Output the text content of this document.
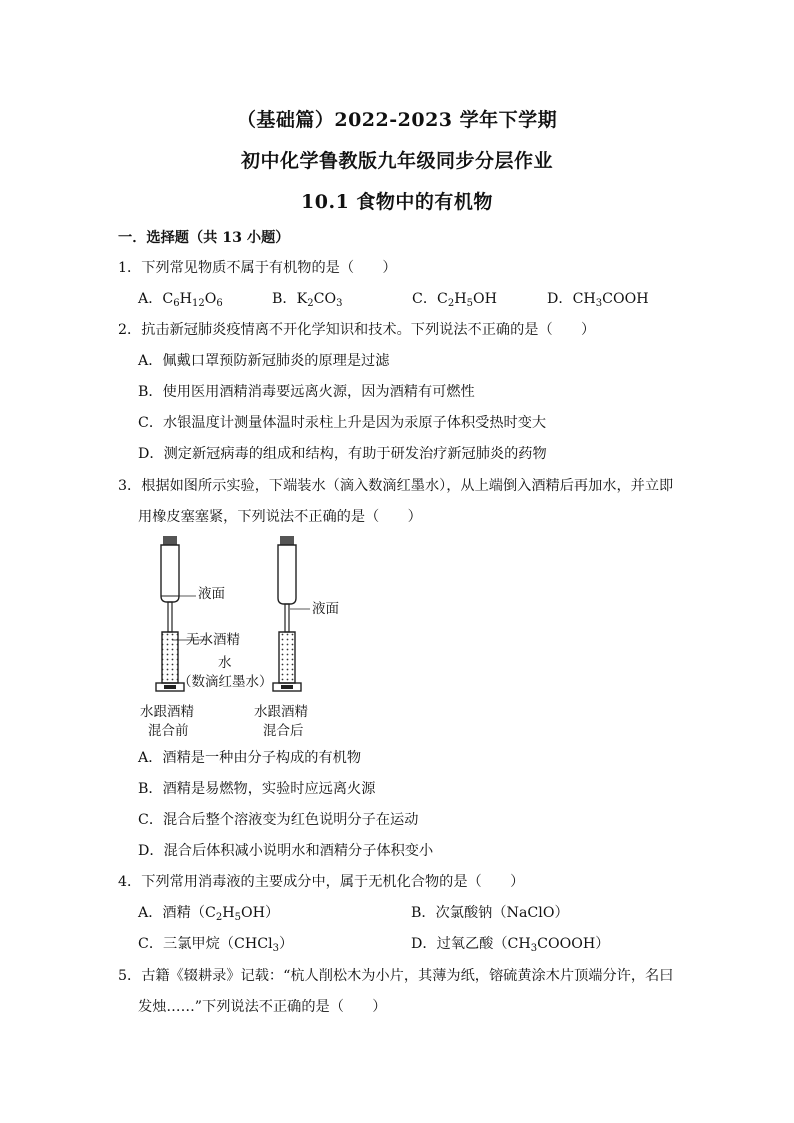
（基础篇）2022-2023 学年下学期
初中化学鲁教版九年级同步分层作业
10.1 食物中的有机物
一．选择题（共 13 小题）
1．下列常见物质不属于有机物的是（　　）
A．$C_6H_{12}O_6$	B．$K_2CO_3$	C．$C_2H_5OH$	D．$CH_3COOH$
2．抗击新冠肺炎疫情离不开化学知识和技术。下列说法不正确的是（　　）
A．佩戴口罩预防新冠肺炎的原理是过滤
B．使用医用酒精消毒要远离火源，因为酒精有可燃性
C．水银温度计测量体温时汞柱上升是因为汞原子体积受热时变大
D．测定新冠病毒的组成和结构，有助于研发治疗新冠肺炎的药物
3．根据如图所示实验，下端装水（滴入数滴红墨水），从上端倒入酒精后再加水，并立即
用橡皮塞塞紧，下列说法不正确的是（　　）
液面
无水酒精
水
（数滴红墨水）
水跟酒精
混合前
液面
水跟酒精
混合后
A．酒精是一种由分子构成的有机物
B．酒精是易燃物，实验时应远离火源
C．混合后整个溶液变为红色说明分子在运动
D．混合后体积减小说明水和酒精分子体积变小
4．下列常用消毒液的主要成分中，属于无机化合物的是（　　）
A．酒精$(C_2H_5OH)$	B．次氯酸钠（NaClO）
C．三氯甲烷（CHCl$_3$）	D．过氧乙酸$(CH_3COOOH)$
5．古籍《辍耕录》记载：“杭人削松木为小片，其薄为纸，镕硫黄涂木片顶端分许，名曰
发烛……”下列说法不正确的是（　　）
